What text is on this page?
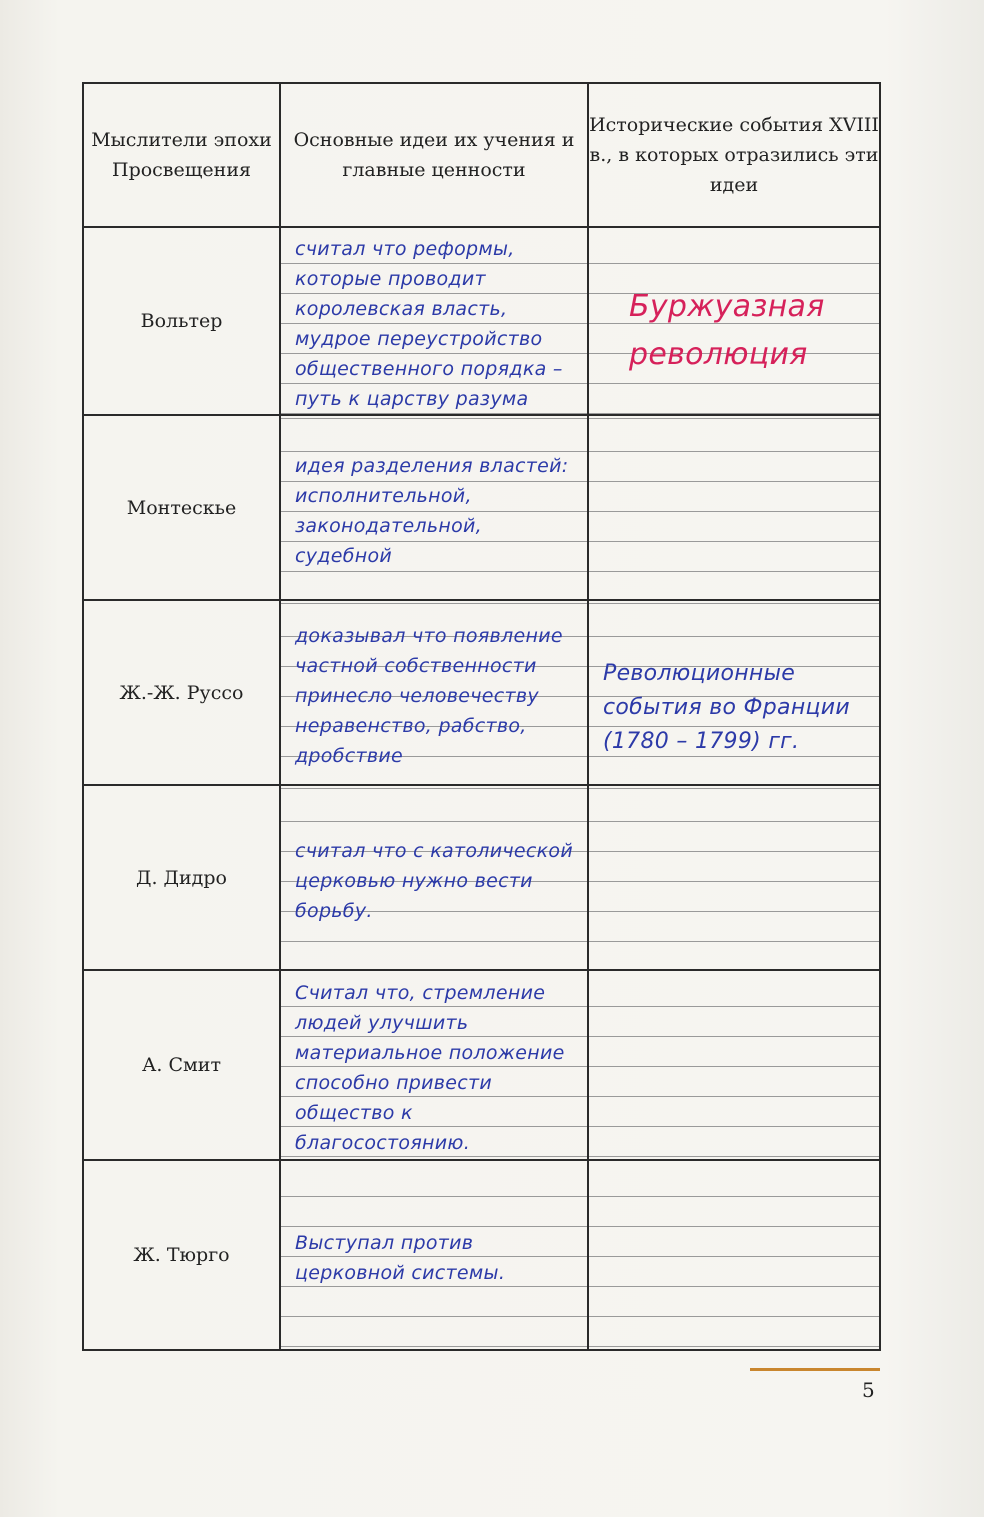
Мыслители эпохи Просвещения	Основные идеи их учения и главные ценности	Исторические события XVIII в., в которых отразились эти идеи
Вольтер	считал что реформы, которые проводит королевская власть, мудрое переустройство общественного порядка – путь к царству разума	Буржуазная революция

Монтескье	идея разделения властей: исполнительной, законодательной, судебной	

Ж.-Ж. Руссо	доказывал что появление частной собственности принесло человечеству неравенство, рабство, дробствие	Революционные события во Франции (1780 – 1799) гг.

Д. Дидро	считал что с католической церковью нужно вести борьбу.	

А. Смит	Считал что, стремление людей улучшить материальное положение способно привести общество к благосостоянию.	

Ж. Тюрго	Выступал против церковной системы.	

5
